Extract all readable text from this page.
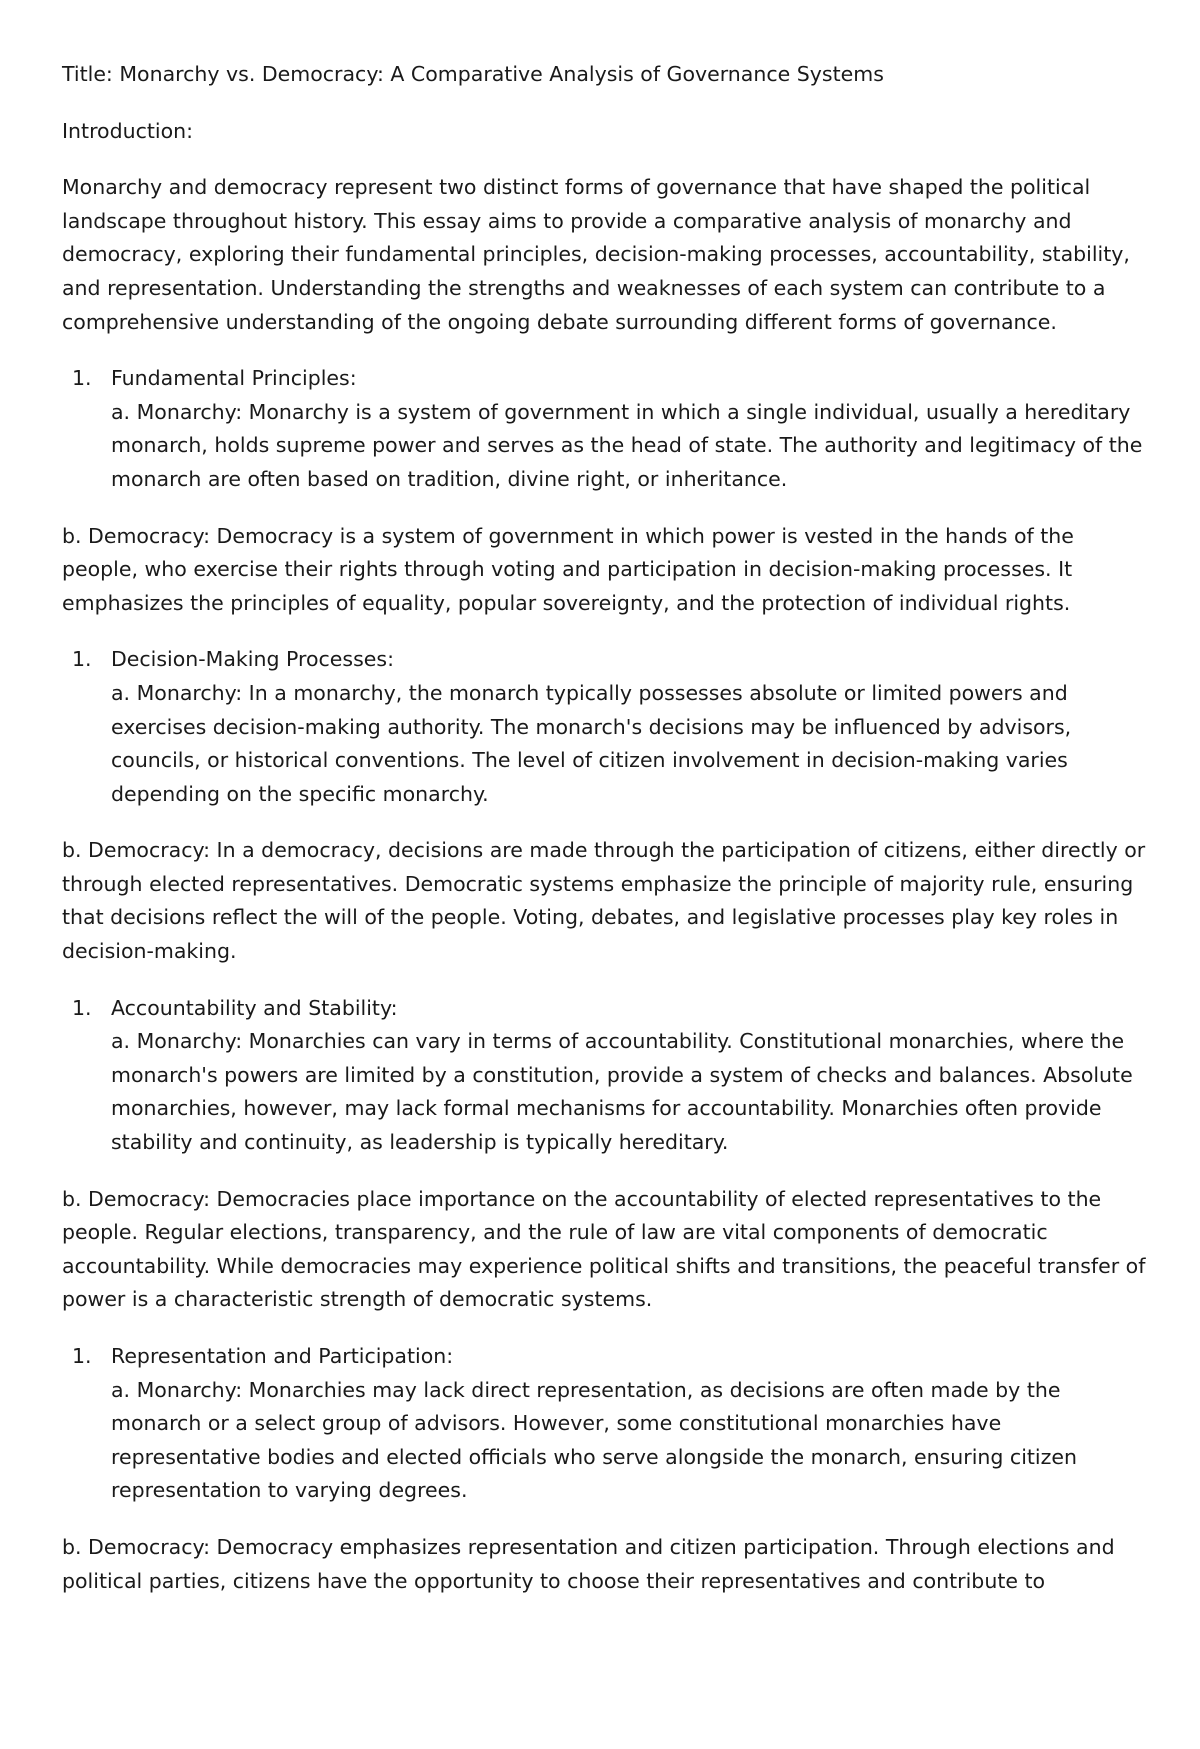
Title: Monarchy vs. Democracy: A Comparative Analysis of Governance Systems

Introduction:

Monarchy and democracy represent two distinct forms of governance that have shaped the political landscape throughout history. This essay aims to provide a comparative analysis of monarchy and democracy, exploring their fundamental principles, decision-making processes, accountability, stability, and representation. Understanding the strengths and weaknesses of each system can contribute to a comprehensive understanding of the ongoing debate surrounding different forms of governance.

1. Fundamental Principles:
a. Monarchy: Monarchy is a system of government in which a single individual, usually a hereditary monarch, holds supreme power and serves as the head of state. The authority and legitimacy of the monarch are often based on tradition, divine right, or inheritance.

b. Democracy: Democracy is a system of government in which power is vested in the hands of the people, who exercise their rights through voting and participation in decision-making processes. It emphasizes the principles of equality, popular sovereignty, and the protection of individual rights.

1. Decision-Making Processes:
a. Monarchy: In a monarchy, the monarch typically possesses absolute or limited powers and exercises decision-making authority. The monarch's decisions may be influenced by advisors, councils, or historical conventions. The level of citizen involvement in decision-making varies depending on the specific monarchy.

b. Democracy: In a democracy, decisions are made through the participation of citizens, either directly or through elected representatives. Democratic systems emphasize the principle of majority rule, ensuring that decisions reflect the will of the people. Voting, debates, and legislative processes play key roles in decision-making.

1. Accountability and Stability:
a. Monarchy: Monarchies can vary in terms of accountability. Constitutional monarchies, where the monarch's powers are limited by a constitution, provide a system of checks and balances. Absolute monarchies, however, may lack formal mechanisms for accountability. Monarchies often provide stability and continuity, as leadership is typically hereditary.

b. Democracy: Democracies place importance on the accountability of elected representatives to the people. Regular elections, transparency, and the rule of law are vital components of democratic accountability. While democracies may experience political shifts and transitions, the peaceful transfer of power is a characteristic strength of democratic systems.

1. Representation and Participation:
a. Monarchy: Monarchies may lack direct representation, as decisions are often made by the monarch or a select group of advisors. However, some constitutional monarchies have representative bodies and elected officials who serve alongside the monarch, ensuring citizen representation to varying degrees.

b. Democracy: Democracy emphasizes representation and citizen participation. Through elections and political parties, citizens have the opportunity to choose their representatives and contribute to
